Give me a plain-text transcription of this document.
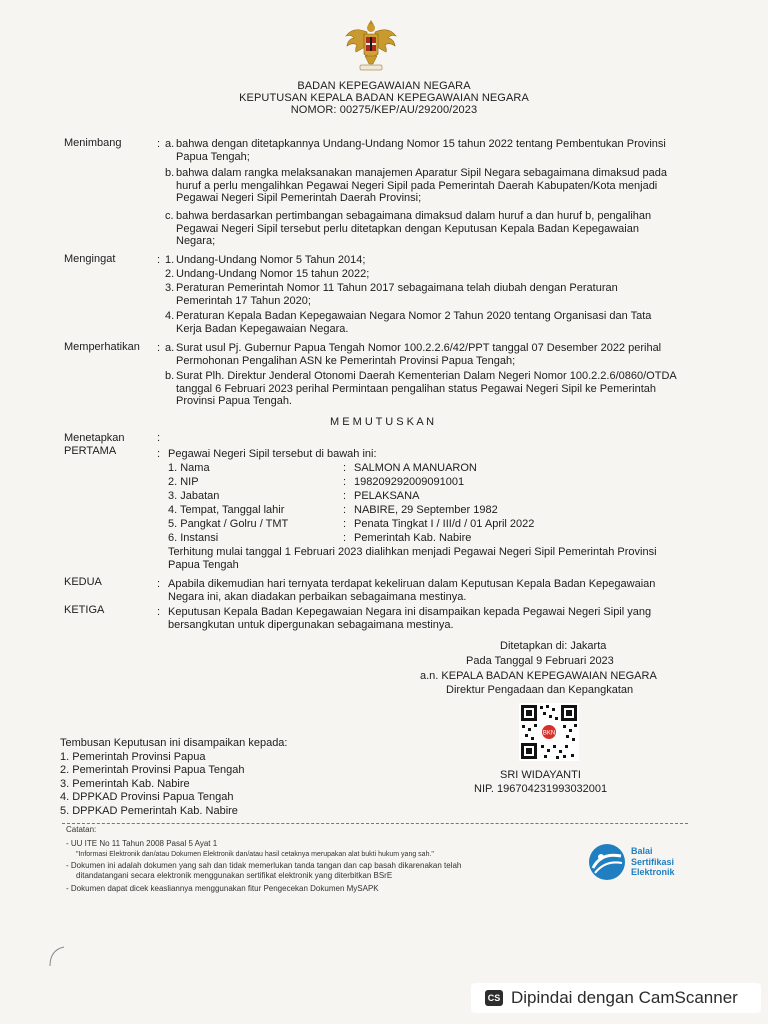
BADAN KEPEGAWAIAN NEGARA
KEPUTUSAN KEPALA BADAN KEPEGAWAIAN NEGARA
NOMOR: 00275/KEP/AU/29200/2023
Menimbang	: a. bahwa dengan ditetapkannya Undang-Undang Nomor 15 tahun 2022 tentang Pembentukan Provinsi
Papua Tengah;
b. bahwa dalam rangka melaksanakan manajemen Aparatur Sipil Negara sebagaimana dimaksud pada
huruf a perlu mengalihkan Pegawai Negeri Sipil pada Pemerintah Daerah Kabupaten/Kota menjadi
Pegawai Negeri Sipil Pemerintah Daerah Provinsi;
c. bahwa berdasarkan pertimbangan sebagaimana dimaksud dalam huruf a dan huruf b, pengalihan
Pegawai Negeri Sipil tersebut perlu ditetapkan dengan Keputusan Kepala Badan Kepegawaian
Negara;
Mengingat	: 1. Undang-Undang Nomor 5 Tahun 2014;
2. Undang-Undang Nomor 15 tahun 2022;
3. Peraturan Pemerintah Nomor 11 Tahun 2017 sebagaimana telah diubah dengan Peraturan
Pemerintah 17 Tahun 2020;
4. Peraturan Kepala Badan Kepegawaian Negara Nomor 2 Tahun 2020 tentang Organisasi dan Tata
Kerja Badan Kepegawaian Negara.
Memperhatikan : a. Surat usul Pj. Gubernur Papua Tengah Nomor 100.2.2.6/42/PPT tanggal 07 Desember 2022 perihal
Permohonan Pengalihan ASN ke Pemerintah Provinsi Papua Tengah;
b. Surat Plh. Direktur Jenderal Otonomi Daerah Kementerian Dalam Negeri Nomor 100.2.2.6/0860/OTDA
tanggal 6 Februari 2023 perihal Permintaan pengalihan status Pegawai Negeri Sipil ke Pemerintah
Provinsi Papua Tengah.
M E M U T U S K A N
Menetapkan	:
PERTAMA	: Pegawai Negeri Sipil tersebut di bawah ini:
1. Nama	: SALMON A MANUARON
2. NIP	: 198209292009091001
3. Jabatan	: PELAKSANA
4. Tempat, Tanggal lahir	: NABIRE, 29 September 1982
5. Pangkat / Golru / TMT	: Penata Tingkat I / III/d / 01 April 2022
6. Instansi	: Pemerintah Kab. Nabire
Terhitung mulai tanggal 1 Februari 2023 dialihkan menjadi Pegawai Negeri Sipil Pemerintah Provinsi
Papua Tengah
KEDUA	: Apabila dikemudian hari ternyata terdapat kekeliruan dalam Keputusan Kepala Badan Kepegawaian
Negara ini, akan diadakan perbaikan sebagaimana mestinya.
KETIGA	: Keputusan Kepala Badan Kepegawaian Negara ini disampaikan kepada Pegawai Negeri Sipil yang
bersangkutan untuk dipergunakan sebagaimana mestinya.
Ditetapkan di: Jakarta
Pada Tanggal 9 Februari 2023
a.n. KEPALA BADAN KEPEGAWAIAN NEGARA
Direktur Pengadaan dan Kepangkatan
BKN
SRI WIDAYANTI
NIP. 196704231993032001
Tembusan Keputusan ini disampaikan kepada:
1. Pemerintah Provinsi Papua
2. Pemerintah Provinsi Papua Tengah
3. Pemerintah Kab. Nabire
4. DPPKAD Provinsi Papua Tengah
5. DPPKAD Pemerintah Kab. Nabire
Catatan:
- UU ITE No 11 Tahun 2008 Pasal 5 Ayat 1
"Informasi Elektronik dan/atau Dokumen Elektronik dan/atau hasil cetaknya merupakan alat bukti hukum yang sah."
- Dokumen ini adalah dokumen yang sah dan tidak memerlukan tanda tangan dan cap basah dikarenakan telah
ditandatangani secara elektronik menggunakan sertifikat elektronik yang diterbitkan BSrE
- Dokumen dapat dicek keasliannya menggunakan fitur Pengecekan Dokumen MySAPK
Balai
Sertifikasi
Elektronik
CS Dipindai dengan CamScanner
